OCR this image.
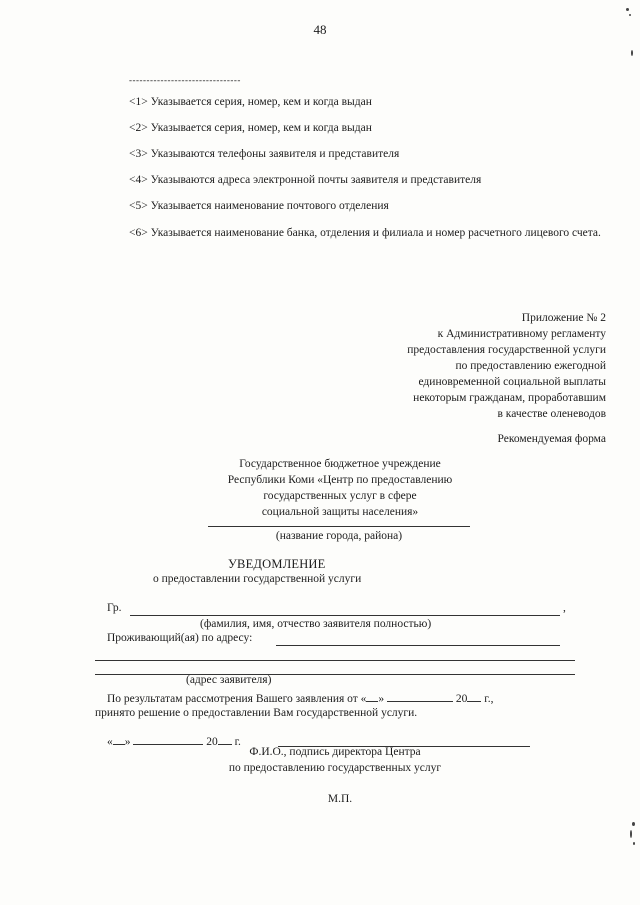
48
--------------------------------
<1> Указывается серия, номер, кем и когда выдан
<2> Указывается серия, номер, кем и когда выдан
<3> Указываются телефоны заявителя и представителя
<4> Указываются адреса электронной почты заявителя и представителя
<5> Указывается наименование почтового отделения
<6> Указывается наименование банка, отделения и филиала и номер расчетного лицевого счета.
Приложение № 2
к Административному регламенту
предоставления государственной услуги
по предоставлению ежегодной
единовременной социальной выплаты
некоторым гражданам, проработавшим
в качестве оленеводов
Рекомендуемая форма
Государственное бюджетное учреждение
Республики Коми «Центр по предоставлению
государственных услуг в сфере
социальной защиты населения»
(название города, района)
УВЕДОМЛЕНИЕ
о предоставлении государственной услуги
Гр.	,
(фамилия, имя, отчество заявителя полностью)
Проживающий(ая) по адресу:
(адрес заявителя)
По результатам рассмотрения Вашего заявления от « »	20 г.,
принято решение о предоставлении Вам государственной услуги.
« »	20 г.
Ф.И.О., подпись директора Центра
по предоставлению государственных услуг
М.П.
